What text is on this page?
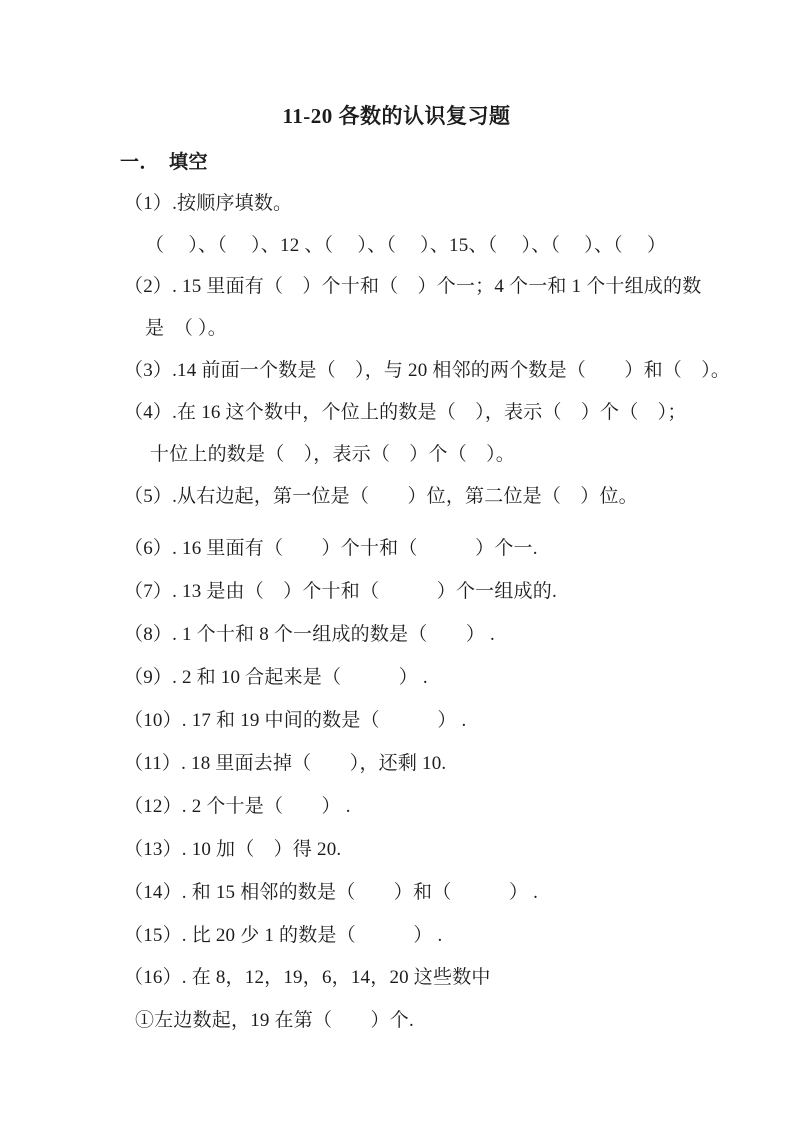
11-20 各数的认识复习题
一．　填空
（1）.按顺序填数。
（　 ）、（　 ）、12 、（　 ）、（　 ）、15、（　 ）、（　 ）、（　 ）
（2）. 15 里面有（　）个十和（　）个一；4 个一和 1 个十组成的数
是　（ ）。
（3）.14 前面一个数是（　），与 20 相邻的两个数是（　　）和（　）。
（4）.在 16 这个数中，个位上的数是（　），表示（　）个（　）；
十位上的数是（　），表示（　）个（　）。
（5）.从右边起，第一位是（　　）位，第二位是（　）位。
（6）. 16 里面有（　　）个十和（　　　）个一.
（7）. 13 是由（　）个十和（　　　）个一组成的.
（8）. 1 个十和 8 个一组成的数是（　　） .
（9）. 2 和 10 合起来是（　　　） .
（10）. 17 和 19 中间的数是（　　　） .
（11）. 18 里面去掉（　　），还剩 10.
（12）. 2 个十是（　　） .
（13）. 10 加（　）得 20.
（14）. 和 15 相邻的数是（　　）和（　　　） .
（15）. 比 20 少 1 的数是（　　　） .
（16）. 在 8，12，19，6，14，20 这些数中
①左边数起，19 在第（　　）个.
